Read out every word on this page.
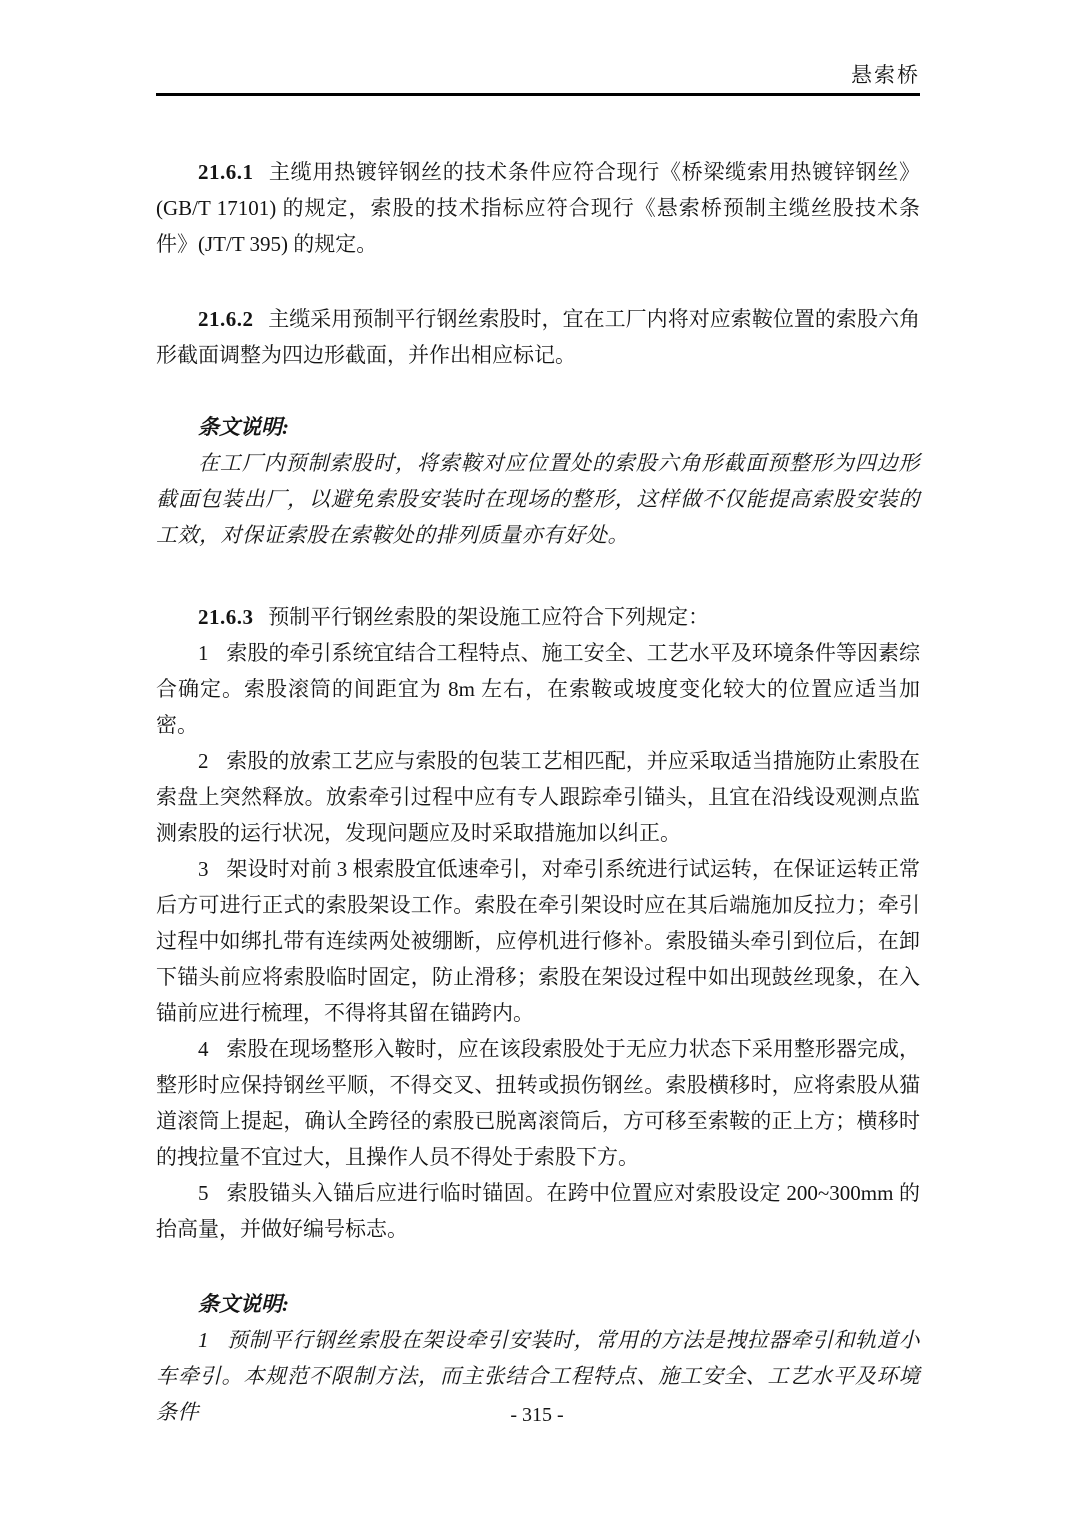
悬索桥

21.6.1 主缆用热镀锌钢丝的技术条件应符合现行《桥梁缆索用热镀锌钢丝》(GB/T 17101) 的规定，索股的技术指标应符合现行《悬索桥预制主缆丝股技术条件》(JT/T 395) 的规定。

21.6.2 主缆采用预制平行钢丝索股时，宜在工厂内将对应索鞍位置的索股六角形截面调整为四边形截面，并作出相应标记。

条文说明:

在工厂内预制索股时，将索鞍对应位置处的索股六角形截面预整形为四边形截面包装出厂，以避免索股安装时在现场的整形，这样做不仅能提高索股安装的工效，对保证索股在索鞍处的排列质量亦有好处。

21.6.3 预制平行钢丝索股的架设施工应符合下列规定：

1 索股的牵引系统宜结合工程特点、施工安全、工艺水平及环境条件等因素综合确定。索股滚筒的间距宜为 8m 左右，在索鞍或坡度变化较大的位置应适当加密。

2 索股的放索工艺应与索股的包装工艺相匹配，并应采取适当措施防止索股在索盘上突然释放。放索牵引过程中应有专人跟踪牵引锚头，且宜在沿线设观测点监测索股的运行状况，发现问题应及时采取措施加以纠正。

3 架设时对前 3 根索股宜低速牵引，对牵引系统进行试运转，在保证运转正常后方可进行正式的索股架设工作。索股在牵引架设时应在其后端施加反拉力；牵引过程中如绑扎带有连续两处被绷断，应停机进行修补。索股锚头牵引到位后，在卸下锚头前应将索股临时固定，防止滑移；索股在架设过程中如出现鼓丝现象，在入锚前应进行梳理，不得将其留在锚跨内。

4 索股在现场整形入鞍时，应在该段索股处于无应力状态下采用整形器完成，整形时应保持钢丝平顺，不得交叉、扭转或损伤钢丝。索股横移时，应将索股从猫道滚筒上提起，确认全跨径的索股已脱离滚筒后，方可移至索鞍的正上方；横移时的拽拉量不宜过大，且操作人员不得处于索股下方。

5 索股锚头入锚后应进行临时锚固。在跨中位置应对索股设定 200~300mm 的抬高量，并做好编号标志。

条文说明:

1 预制平行钢丝索股在架设牵引安装时，常用的方法是拽拉器牵引和轨道小车牵引。本规范不限制方法，而主张结合工程特点、施工安全、工艺水平及环境条件	- 315 -
